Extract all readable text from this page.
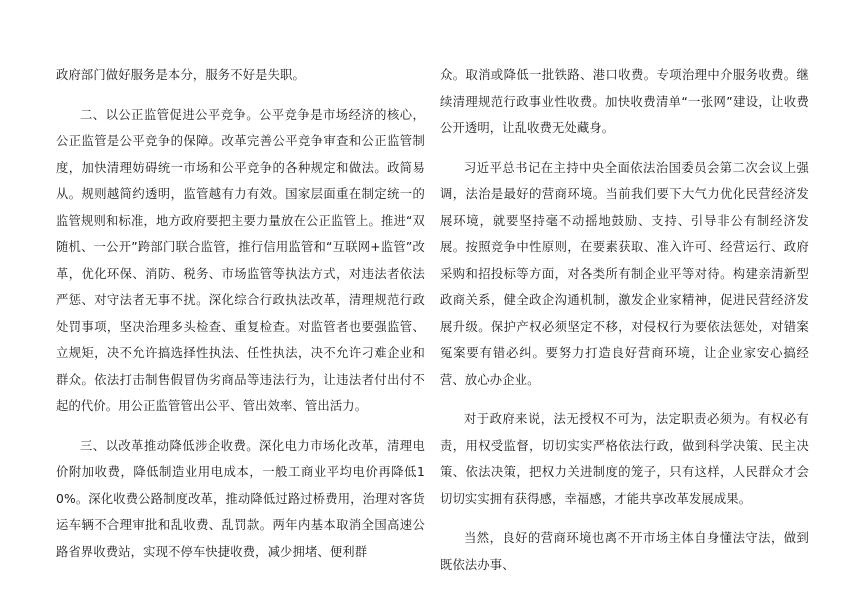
政府部门做好服务是本分，服务不好是失职。

二、以公正监管促进公平竞争。公平竞争是市场经济的核心，公正监管是公平竞争的保障。改革完善公平竞争审查和公正监管制度，加快清理妨碍统一市场和公平竞争的各种规定和做法。政简易从。规则越简约透明，监管越有力有效。国家层面重在制定统一的监管规则和标准，地方政府要把主要力量放在公正监管上。推进“双随机、一公开”跨部门联合监管，推行信用监管和“互联网+监管”改革，优化环保、消防、税务、市场监管等执法方式，对违法者依法严惩、对守法者无事不扰。深化综合行政执法改革，清理规范行政处罚事项，坚决治理多头检查、重复检查。对监管者也要强监管、立规矩，决不允许搞选择性执法、任性执法，决不允许刁难企业和群众。依法打击制售假冒伪劣商品等违法行为，让违法者付出付不起的代价。用公正监管管出公平、管出效率、管出活力。

三、以改革推动降低涉企收费。深化电力市场化改革，清理电价附加收费，降低制造业用电成本，一般工商业平均电价再降低10%。深化收费公路制度改革，推动降低过路过桥费用，治理对客货运车辆不合理审批和乱收费、乱罚款。两年内基本取消全国高速公路省界收费站，实现不停车快捷收费，减少拥堵、便利群

众。取消或降低一批铁路、港口收费。专项治理中介服务收费。继续清理规范行政事业性收费。加快收费清单“一张网”建设，让收费公开透明，让乱收费无处藏身。

习近平总书记在主持中央全面依法治国委员会第二次会议上强调，法治是最好的营商环境。当前我们要下大气力优化民营经济发展环境，就要坚持毫不动摇地鼓励、支持、引导非公有制经济发展。按照竞争中性原则，在要素获取、准入许可、经营运行、政府采购和招投标等方面，对各类所有制企业平等对待。构建亲清新型政商关系，健全政企沟通机制，激发企业家精神，促进民营经济发展升级。保护产权必须坚定不移，对侵权行为要依法惩处，对错案冤案要有错必纠。要努力打造良好营商环境，让企业家安心搞经营、放心办企业。

对于政府来说，法无授权不可为，法定职责必须为。有权必有责，用权受监督，切切实实严格依法行政，做到科学决策、民主决策、依法决策，把权力关进制度的笼子，只有这样，人民群众才会切切实实拥有获得感，幸福感，才能共享改革发展成果。

当然，良好的营商环境也离不开市场主体自身懂法守法，做到既依法办事、
